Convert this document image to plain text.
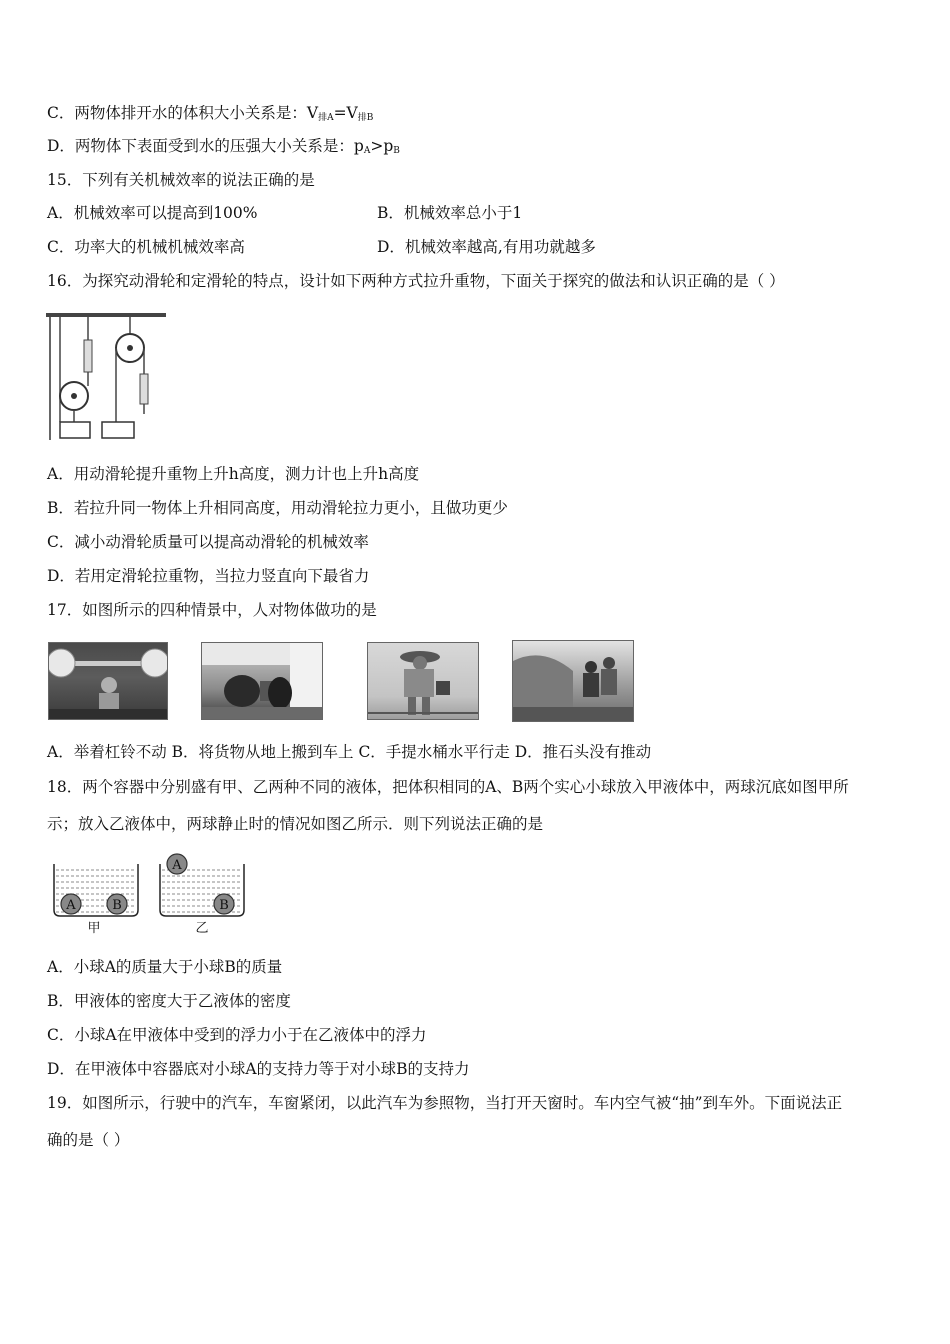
C．两物体排开水的体积大小关系是：$V_{排A}=V_{排B}$
D．两物体下表面受到水的压强大小关系是：$p_A>p_B$
15．下列有关机械效率的说法正确的是
A．机械效率可以提高到100%	B．机械效率总小于1
C．功率大的机械机械效率高	D．机械效率越高,有用功就越多
16．为探究动滑轮和定滑轮的特点，设计如下两种方式拉升重物，下面关于探究的做法和认识正确的是（ ）
A．用动滑轮提升重物上升h高度，测力计也上升h高度
B．若拉升同一物体上升相同高度，用动滑轮拉力更小，且做功更少
C．减小动滑轮质量可以提高动滑轮的机械效率
D．若用定滑轮拉重物，当拉力竖直向下最省力
17．如图所示的四种情景中，人对物体做功的是
A．举着杠铃不动 B．将货物从地上搬到车上 C．手提水桶水平行走 D．推石头没有推动
18．两个容器中分别盛有甲、乙两种不同的液体，把体积相同的A、B两个实心小球放入甲液体中，两球沉底如图甲所
示；放入乙液体中，两球静止时的情况如图乙所示．则下列说法正确的是
A	B
甲
A
B
乙
A．小球A的质量大于小球B的质量
B．甲液体的密度大于乙液体的密度
C．小球A在甲液体中受到的浮力小于在乙液体中的浮力
D．在甲液体中容器底对小球A的支持力等于对小球B的支持力
19．如图所示，行驶中的汽车，车窗紧闭，以此汽车为参照物，当打开天窗时。车内空气被“抽”到车外。下面说法正
确的是（ ）
